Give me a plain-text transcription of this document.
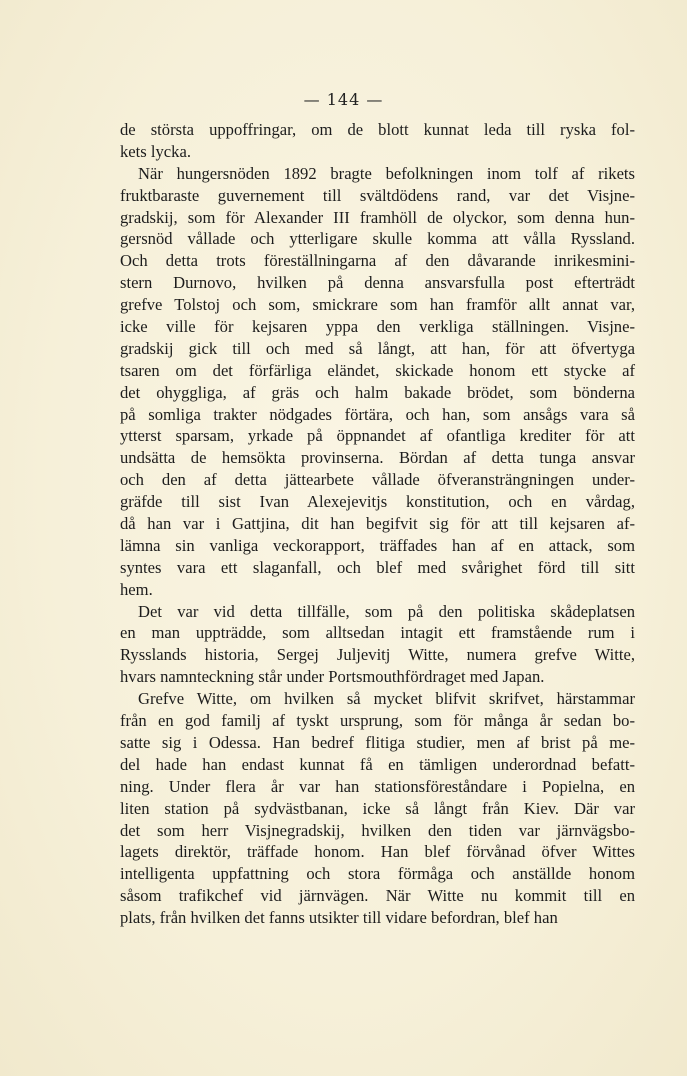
— 144 —
de största uppoffringar, om de blott kunnat leda till ryska fol-
kets lycka.
När hungersnöden 1892 bragte befolkningen inom tolf af rikets
fruktbaraste guvernement till svältdödens rand, var det Visjne-
gradskij, som för Alexander III framhöll de olyckor, som denna hun-
gersnöd vållade och ytterligare skulle komma att vålla Ryssland.
Och detta trots föreställningarna af den dåvarande inrikesmini-
stern Durnovo, hvilken på denna ansvarsfulla post efterträdt
grefve Tolstoj och som, smickrare som han framför allt annat var,
icke ville för kejsaren yppa den verkliga ställningen. Visjne-
gradskij gick till och med så långt, att han, för att öfvertyga
tsaren om det förfärliga eländet, skickade honom ett stycke af
det ohyggliga, af gräs och halm bakade brödet, som bönderna
på somliga trakter nödgades förtära, och han, som ansågs vara så
ytterst sparsam, yrkade på öppnandet af ofantliga krediter för att
undsätta de hemsökta provinserna. Bördan af detta tunga ansvar
och den af detta jättearbete vållade öfveransträngningen under-
gräfde till sist Ivan Alexejevitjs konstitution, och en vårdag,
då han var i Gattjina, dit han begifvit sig för att till kejsaren af-
lämna sin vanliga veckorapport, träffades han af en attack, som
syntes vara ett slaganfall, och blef med svårighet förd till sitt
hem.
Det var vid detta tillfälle, som på den politiska skådeplatsen
en man uppträdde, som alltsedan intagit ett framstående rum i
Rysslands historia, Sergej Juljevitj Witte, numera grefve Witte,
hvars namnteckning står under Portsmouthfördraget med Japan.
Grefve Witte, om hvilken så mycket blifvit skrifvet, härstammar
från en god familj af tyskt ursprung, som för många år sedan bo-
satte sig i Odessa. Han bedref flitiga studier, men af brist på me-
del hade han endast kunnat få en tämligen underordnad befatt-
ning. Under flera år var han stationsföreståndare i Popielna, en
liten station på sydvästbanan, icke så långt från Kiev. Där var
det som herr Visjnegradskij, hvilken den tiden var järnvägsbo-
lagets direktör, träffade honom. Han blef förvånad öfver Wittes
intelligenta uppfattning och stora förmåga och anställde honom
såsom trafikchef vid järnvägen. När Witte nu kommit till en
plats, från hvilken det fanns utsikter till vidare befordran, blef han
